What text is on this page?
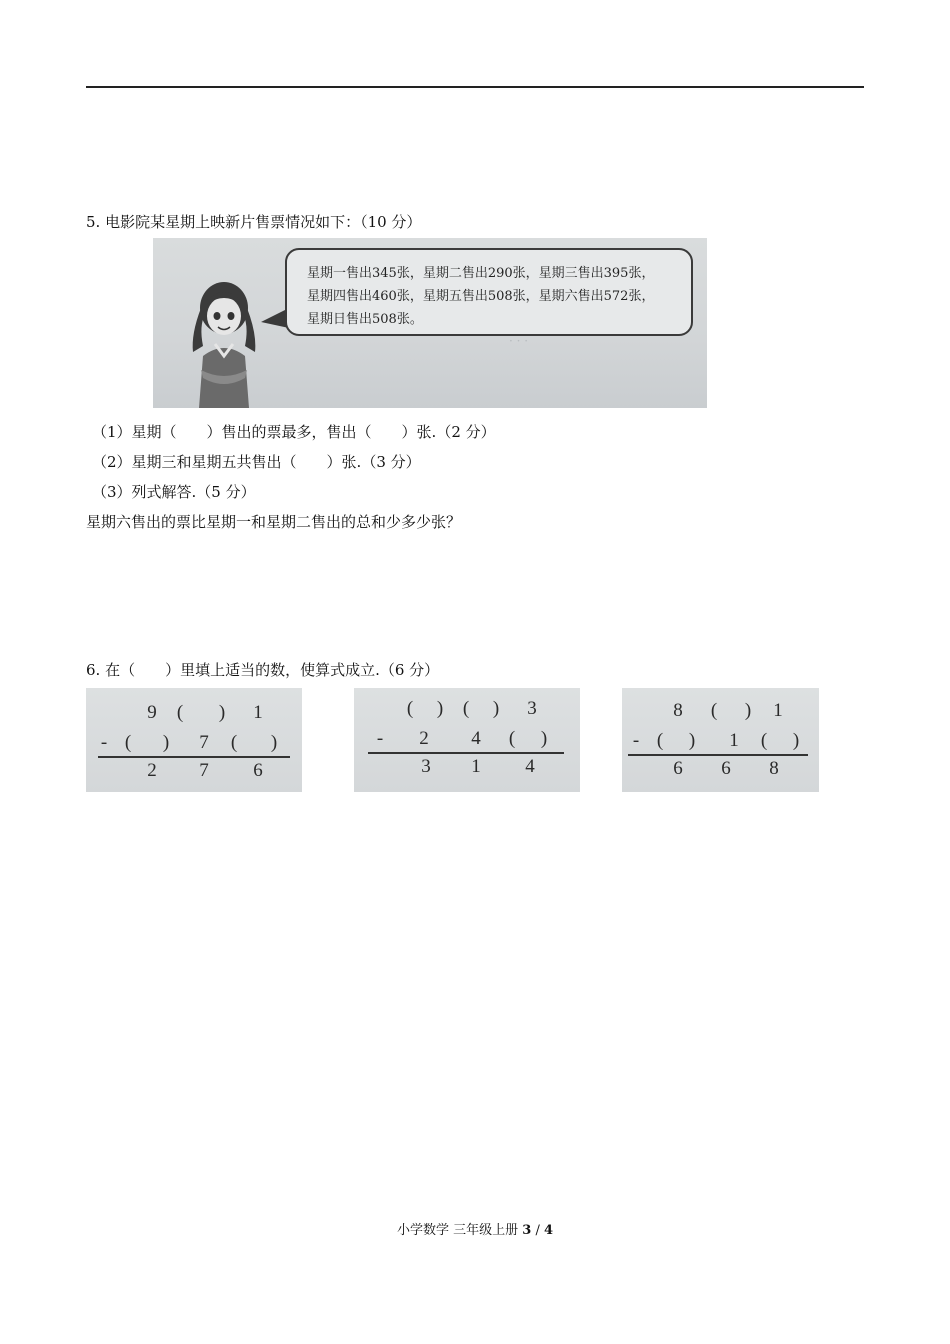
5. 电影院某星期上映新片售票情况如下：（10 分）
星期一售出345张，星期二售出290张，星期三售出395张，
星期四售出460张，星期五售出508张，星期六售出572张，
星期日售出508张。
· · ·
（1）星期（　　）售出的票最多，售出（　　）张.（2 分）
（2）星期三和星期五共售出（　　）张.（3 分）
（3）列式解答.（5 分）
星期六售出的票比星期一和星期二售出的总和少多少张？
6. 在（　　）里填上适当的数，使算式成立.（6 分）
9	(	)	1
- (	)	7	(	)
2	7	6
(	)	(	)	3
-	2	4	(	)
3	1	4
8	(	)	1
- (	)	1	(	)
6	6	8
小学数学 三年级上册 3 / 4
